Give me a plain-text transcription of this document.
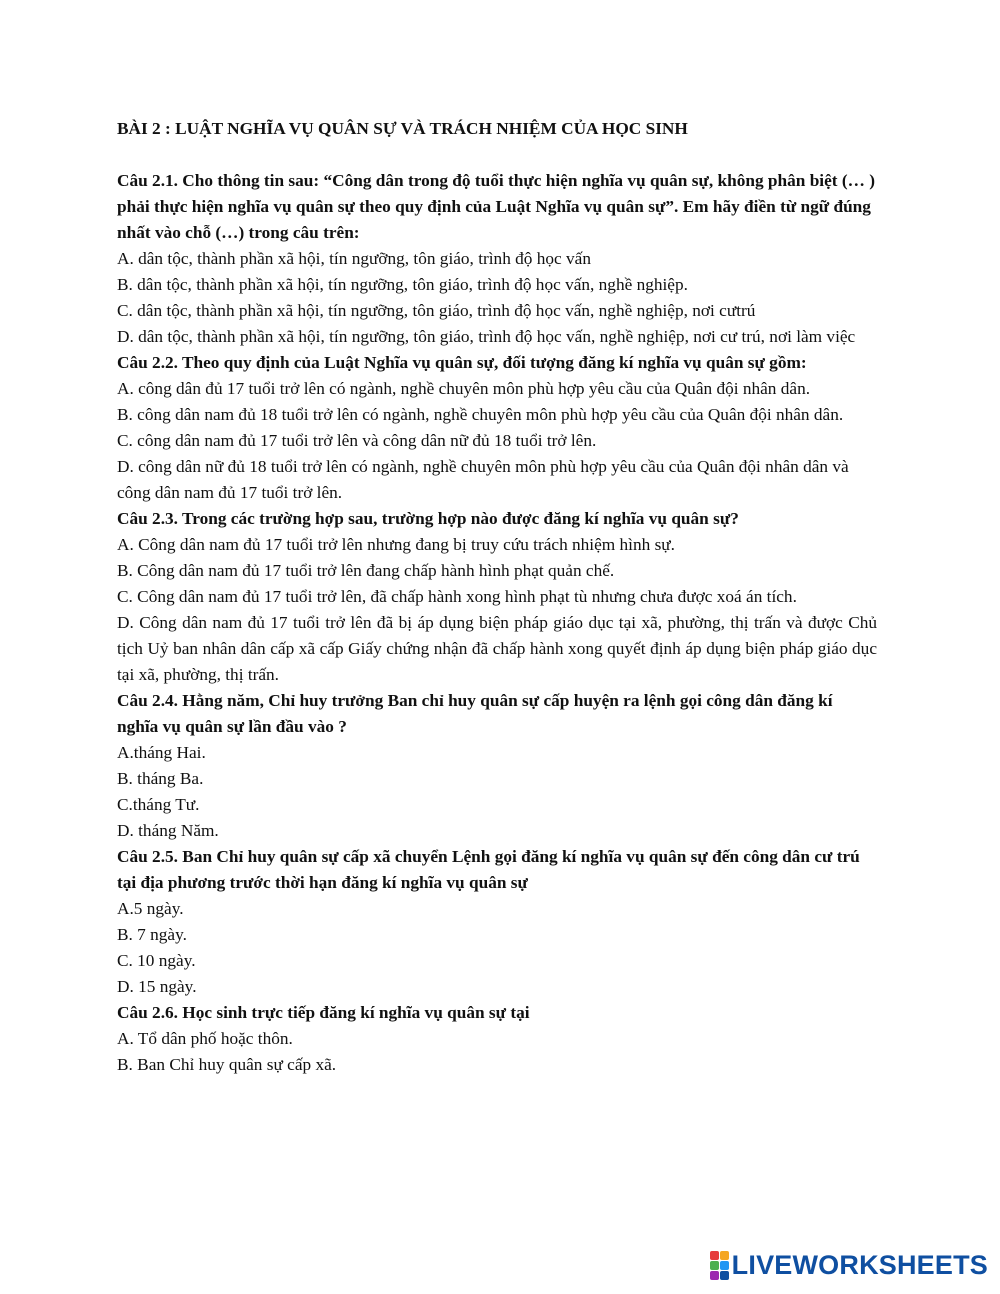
BÀI 2 : LUẬT NGHĨA VỤ QUÂN SỰ VÀ TRÁCH NHIỆM CỦA HỌC SINH

Câu 2.1. Cho thông tin sau: “Công dân trong độ tuổi thực hiện nghĩa vụ quân sự, không phân biệt (… ) phải thực hiện nghĩa vụ quân sự theo quy định của Luật Nghĩa vụ quân sự”. Em hãy điền từ ngữ đúng nhất vào chỗ (…) trong câu trên:

A. dân tộc, thành phần xã hội, tín ngưỡng, tôn giáo, trình độ học vấn

B. dân tộc, thành phần xã hội, tín ngưỡng, tôn giáo, trình độ học vấn, nghề nghiệp.

C. dân tộc, thành phần xã hội, tín ngưỡng, tôn giáo, trình độ học vấn, nghề nghiệp, nơi cưtrú

D. dân tộc, thành phần xã hội, tín ngưỡng, tôn giáo, trình độ học vấn, nghề nghiệp, nơi cư trú, nơi làm việc

Câu 2.2. Theo quy định của Luật Nghĩa vụ quân sự, đối tượng đăng kí nghĩa vụ quân sự gồm:

A. công dân đủ 17 tuổi trở lên có ngành, nghề chuyên môn phù hợp yêu cầu của Quân đội nhân dân.

B. công dân nam đủ 18 tuổi trở lên có ngành, nghề chuyên môn phù hợp yêu cầu của Quân đội nhân dân.

C. công dân nam đủ 17 tuổi trở lên và công dân nữ đủ 18 tuổi trở lên.

D. công dân nữ đủ 18 tuổi trở lên có ngành, nghề chuyên môn phù hợp yêu cầu của Quân đội nhân dân và công dân nam đủ 17 tuổi trở lên.

Câu 2.3. Trong các trường hợp sau, trường hợp nào được đăng kí nghĩa vụ quân sự?

A. Công dân nam đủ 17 tuổi trở lên nhưng đang bị truy cứu trách nhiệm hình sự.

B. Công dân nam đủ 17 tuổi trở lên đang chấp hành hình phạt quản chế.

C. Công dân nam đủ 17 tuổi trở lên, đã chấp hành xong hình phạt tù nhưng chưa được xoá án tích.

D. Công dân nam đủ 17 tuổi trở lên đã bị áp dụng biện pháp giáo dục tại xã, phường, thị trấn và được Chủ tịch Uỷ ban nhân dân cấp xã cấp Giấy chứng nhận đã chấp hành xong quyết định áp dụng biện pháp giáo dục tại xã, phường, thị trấn.

Câu 2.4. Hằng năm, Chỉ huy trưởng Ban chỉ huy quân sự cấp huyện ra lệnh gọi công dân đăng kí nghĩa vụ quân sự lần đầu vào ?

A.tháng Hai.

B. tháng Ba.

C.tháng Tư.

D. tháng Năm.

Câu 2.5. Ban Chỉ huy quân sự cấp xã chuyển Lệnh gọi đăng kí nghĩa vụ quân sự đến công dân cư trú tại địa phương trước thời hạn đăng kí nghĩa vụ quân sự

A.5 ngày.

B. 7 ngày.

C. 10 ngày.

D. 15 ngày.

Câu 2.6. Học sinh trực tiếp đăng kí nghĩa vụ quân sự tại

A. Tổ dân phố hoặc thôn.

B. Ban Chỉ huy quân sự cấp xã.

LIVEWORKSHEETS
